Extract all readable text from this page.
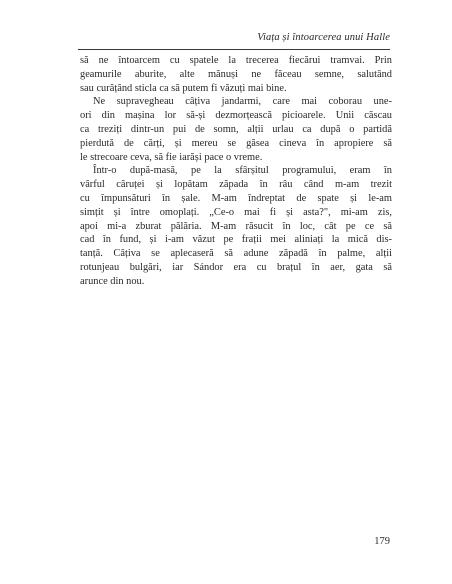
Viața și întoarcerea unui Halle
să ne întoarcem cu spatele la trecerea fiecărui tramvai. Prin
geamurile aburite, alte mănuși ne făceau semne, salutând
sau curățând sticla ca să putem fi văzuți mai bine.
Ne supravegheau câțiva jandarmi, care mai coborau une-
ori din mașina lor să-și dezmorțească picioarele. Unii căscau
ca treziți dintr-un pui de somn, alții urlau ca după o partidă
pierdută de cărți, și mereu se găsea cineva în apropiere să
le strecoare ceva, să fie iarăși pace o vreme.
Într-o după-masă, pe la sfârșitul programului, eram în
vârful căruței și lopătam zăpada în râu când m-am trezit
cu împunsături în șale. M-am îndreptat de spate și le-am
simțit și între omoplați. „Ce-o mai fi și asta?", mi-am zis,
apoi mi-a zburat pălăria. M-am răsucit în loc, cât pe ce să
cad în fund, și i-am văzut pe frații mei aliniați la mică dis-
tanță. Câțiva se aplecaseră să adune zăpadă în palme, alții
rotunjeau bulgări, iar Sándor era cu brațul în aer, gata să
arunce din nou.
179
